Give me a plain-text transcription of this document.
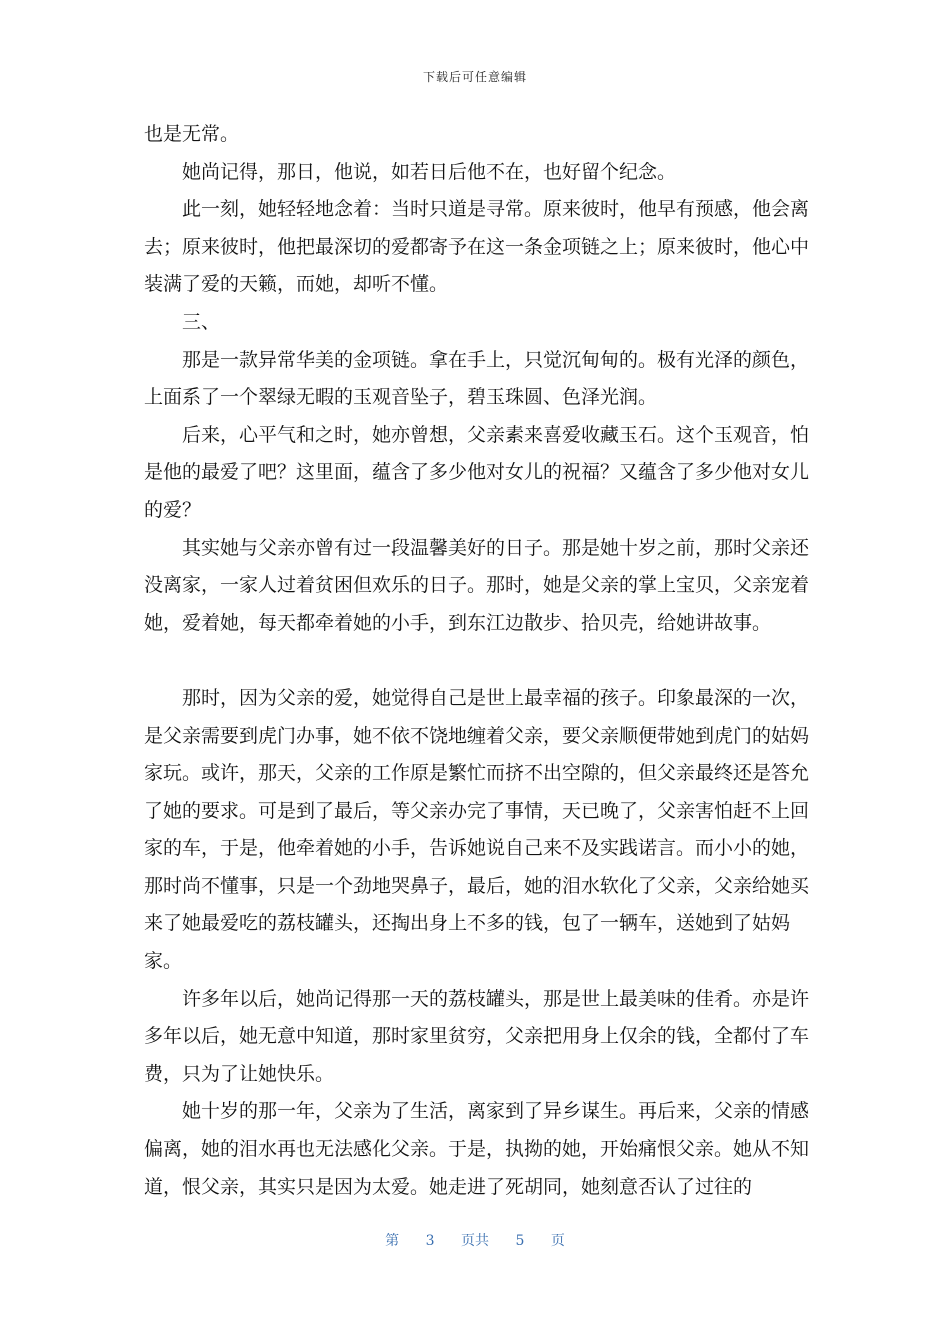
下载后可任意编辑

也是无常。

她尚记得，那日，他说，如若日后他不在，也好留个纪念。

此一刻，她轻轻地念着：当时只道是寻常。原来彼时，他早有预感，他会离去；原来彼时，他把最深切的爱都寄予在这一条金项链之上；原来彼时，他心中装满了爱的天籁，而她，却听不懂。

三、

那是一款异常华美的金项链。拿在手上，只觉沉甸甸的。极有光泽的颜色，上面系了一个翠绿无暇的玉观音坠子，碧玉珠圆、色泽光润。

后来，心平气和之时，她亦曾想，父亲素来喜爱收藏玉石。这个玉观音，怕是他的最爱了吧？这里面，蕴含了多少他对女儿的祝福？又蕴含了多少他对女儿的爱？

其实她与父亲亦曾有过一段温馨美好的日子。那是她十岁之前，那时父亲还没离家，一家人过着贫困但欢乐的日子。那时，她是父亲的掌上宝贝，父亲宠着她，爱着她，每天都牵着她的小手，到东江边散步、拾贝壳，给她讲故事。

那时，因为父亲的爱，她觉得自己是世上最幸福的孩子。印象最深的一次，是父亲需要到虎门办事，她不依不饶地缠着父亲，要父亲顺便带她到虎门的姑妈家玩。或许，那天，父亲的工作原是繁忙而挤不出空隙的，但父亲最终还是答允了她的要求。可是到了最后，等父亲办完了事情，天已晚了，父亲害怕赶不上回家的车，于是，他牵着她的小手，告诉她说自己来不及实践诺言。而小小的她，那时尚不懂事，只是一个劲地哭鼻子，最后，她的泪水软化了父亲，父亲给她买来了她最爱吃的荔枝罐头，还掏出身上不多的钱，包了一辆车，送她到了姑妈家。

许多年以后，她尚记得那一天的荔枝罐头，那是世上最美味的佳肴。亦是许多年以后，她无意中知道，那时家里贫穷，父亲把用身上仅余的钱，全都付了车费，只为了让她快乐。

她十岁的那一年，父亲为了生活，离家到了异乡谋生。再后来，父亲的情感偏离，她的泪水再也无法感化父亲。于是，执拗的她，开始痛恨父亲。她从不知道，恨父亲，其实只是因为太爱。她走进了死胡同，她刻意否认了过往的

第 3 页共 5 页
